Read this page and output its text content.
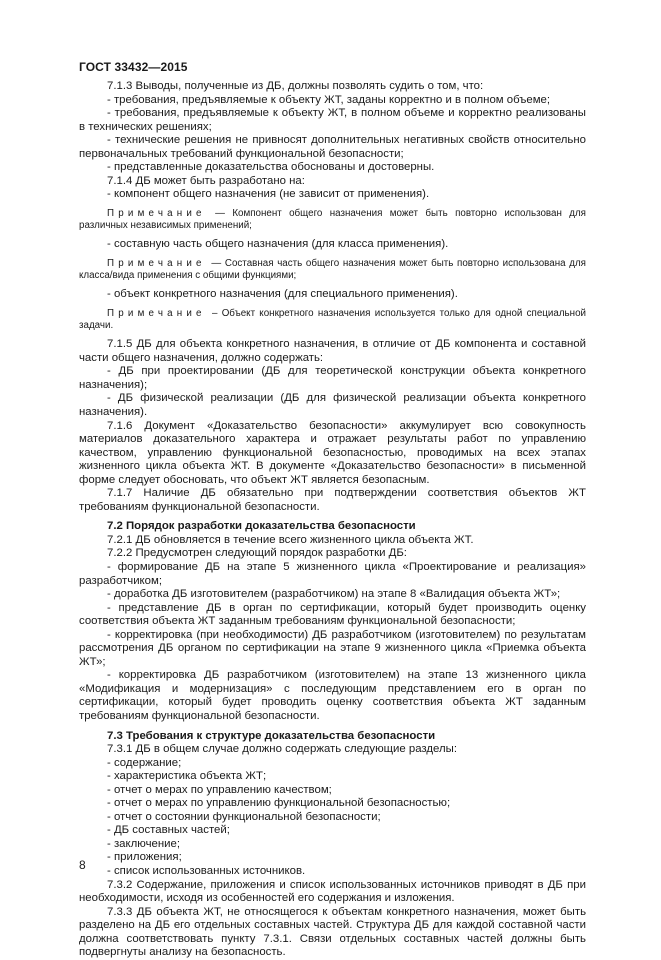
ГОСТ 33432—2015

7.1.3 Выводы, полученные из ДБ, должны позволять судить о том, что:

- требования, предъявляемые к объекту ЖТ, заданы корректно и в полном объеме;

- требования, предъявляемые к объекту ЖТ, в полном объеме и корректно реализованы в технических решениях;

- технические решения не привносят дополнительных негативных свойств относительно первоначальных требований функциональной безопасности;

- представленные доказательства обоснованы и достоверны.

7.1.4 ДБ может быть разработано на:

- компонент общего назначения (не зависит от применения).

Примечание — Компонент общего назначения может быть повторно использован для различных независимых применений;

- составную часть общего назначения (для класса применения).

Примечание — Составная часть общего назначения может быть повторно использована для класса/вида применения с общими функциями;

- объект конкретного назначения (для специального применения).

Примечание – Объект конкретного назначения используется только для одной специальной задачи.

7.1.5 ДБ для объекта конкретного назначения, в отличие от ДБ компонента и составной части общего назначения, должно содержать:

- ДБ при проектировании (ДБ для теоретической конструкции объекта конкретного назначения);

- ДБ физической реализации (ДБ для физической реализации объекта конкретного назначения).

7.1.6 Документ «Доказательство безопасности» аккумулирует всю совокупность материалов доказательного характера и отражает результаты работ по управлению качеством, управлению функциональной безопасностью, проводимых на всех этапах жизненного цикла объекта ЖТ. В документе «Доказательство безопасности» в письменной форме следует обосновать, что объект ЖТ является безопасным.

7.1.7 Наличие ДБ обязательно при подтверждении соответствия объектов ЖТ требованиям функциональной безопасности.

7.2 Порядок разработки доказательства безопасности

7.2.1 ДБ обновляется в течение всего жизненного цикла объекта ЖТ.

7.2.2 Предусмотрен следующий порядок разработки ДБ:

- формирование ДБ на этапе 5 жизненного цикла «Проектирование и реализация» разработчиком;

- доработка ДБ изготовителем (разработчиком) на этапе 8 «Валидация объекта ЖТ»;

- представление ДБ в орган по сертификации, который будет производить оценку соответствия объекта ЖТ заданным требованиям функциональной безопасности;

- корректировка (при необходимости) ДБ разработчиком (изготовителем) по результатам рассмотрения ДБ органом по сертификации на этапе 9 жизненного цикла «Приемка объекта ЖТ»;

- корректировка ДБ разработчиком (изготовителем) на этапе 13 жизненного цикла «Модификация и модернизация» с последующим представлением его в орган по сертификации, который будет проводить оценку соответствия объекта ЖТ заданным требованиям функциональной безопасности.

7.3 Требования к структуре доказательства безопасности

7.3.1 ДБ в общем случае должно содержать следующие разделы:

- содержание;

- характеристика объекта ЖТ;

- отчет о мерах по управлению качеством;

- отчет о мерах по управлению функциональной безопасностью;

- отчет о состоянии функциональной безопасности;

- ДБ составных частей;

- заключение;

- приложения;

- список использованных источников.

7.3.2 Содержание, приложения и список использованных источников приводят в ДБ при необходимости, исходя из особенностей его содержания и изложения.

7.3.3 ДБ объекта ЖТ, не относящегося к объектам конкретного назначения, может быть разделено на ДБ его отдельных составных частей. Структура ДБ для каждой составной части должна соответствовать пункту 7.3.1. Связи отдельных составных частей должны быть подвергнуты анализу на безопасность.

8
